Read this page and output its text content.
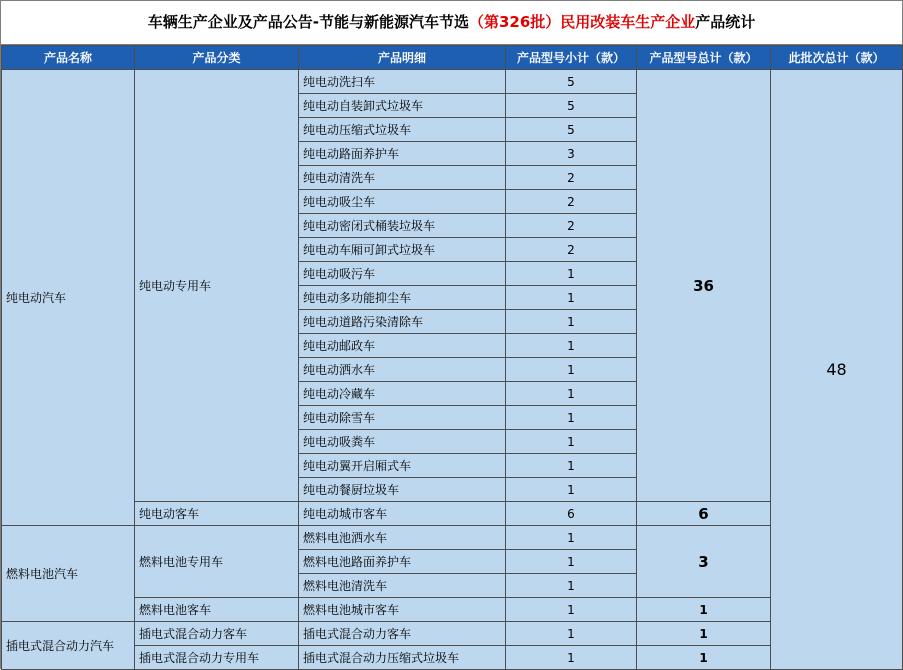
车辆生产企业及产品公告-节能与新能源汽车节选（第326批）民用改装车生产企业产品统计
产品名称	产品分类	产品明细	产品型号小计（款）	产品型号总计（款）	此批次总计（款）
纯电动汽车	纯电动专用车	纯电动洗扫车	5	36	48
		纯电动自装卸式垃圾车	5		
		纯电动压缩式垃圾车	5		
		纯电动路面养护车	3		
		纯电动清洗车	2		
		纯电动吸尘车	2		
		纯电动密闭式桶装垃圾车	2		
		纯电动车厢可卸式垃圾车	2		
		纯电动吸污车	1		
		纯电动多功能抑尘车	1		
		纯电动道路污染清除车	1		
		纯电动邮政车	1		
		纯电动洒水车	1		
		纯电动冷藏车	1		
		纯电动除雪车	1		
		纯电动吸粪车	1		
		纯电动翼开启厢式车	1		
		纯电动餐厨垃圾车	1		
	纯电动客车	纯电动城市客车	6	6	
燃料电池汽车	燃料电池专用车	燃料电池洒水车	1	3	
		燃料电池路面养护车	1		
		燃料电池清洗车	1		
	燃料电池客车	燃料电池城市客车	1	1	
插电式混合动力汽车	插电式混合动力客车	插电式混合动力客车	1	1	
	插电式混合动力专用车	插电式混合动力压缩式垃圾车	1	1	
